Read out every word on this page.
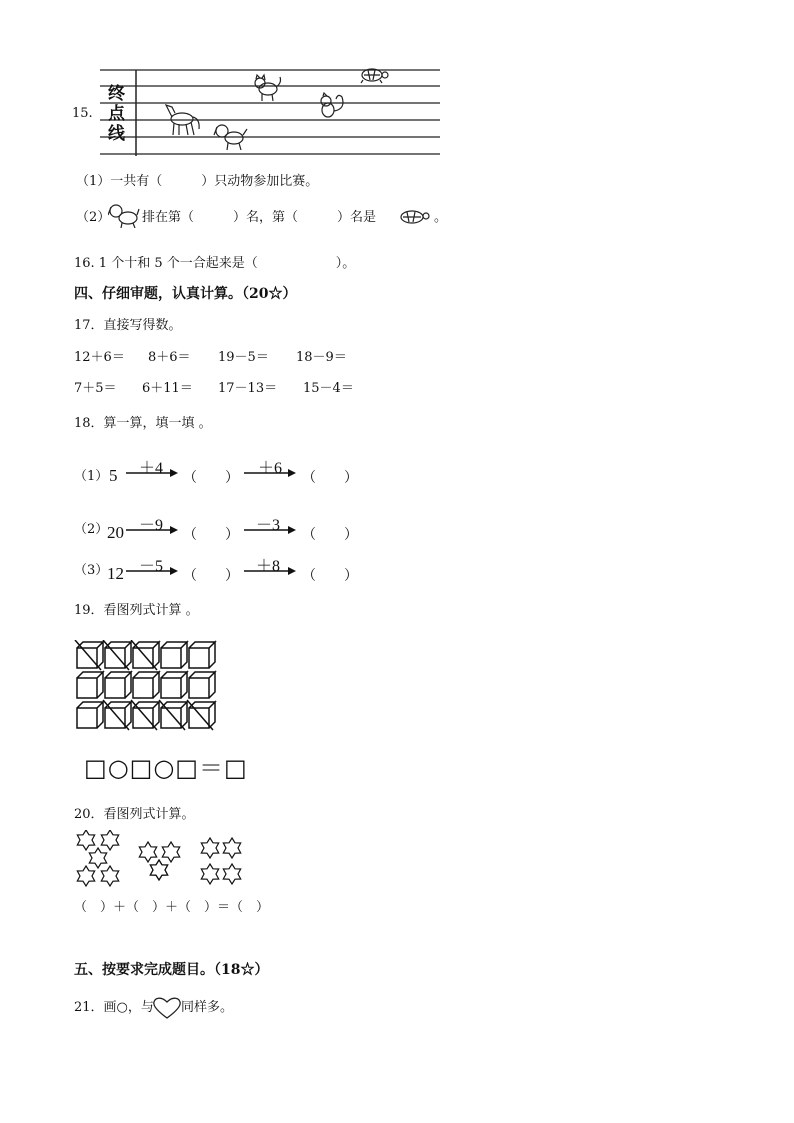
15.
终
点
线
（1）一共有（　　　）只动物参加比赛。
（2） 排在第（　　　）名，第（　　　）名是	。
16. 1 个十和 5 个一合起来是（　　　　　　）。
四、仔细审题，认真计算。（20☆）
17．直接写得数。
12＋6＝ 8＋6＝ 19－5＝ 18－9＝
7＋5＝ 6＋11＝ 17－13＝ 15－4＝
18．算一算，填一填 。
（1） 5 ＋4
（　　）
＋6
（　　）
（2）
20 －9
（　　）
－3
（　　）
（3）
12 －5
（　　）
＋8
（　　）
19．看图列式计算 。
□○□○□＝□
20．看图列式计算。
（　）＋（　）＋（　）＝（　）
五、按要求完成题目。（18☆）
21．画○，与 同样多。
